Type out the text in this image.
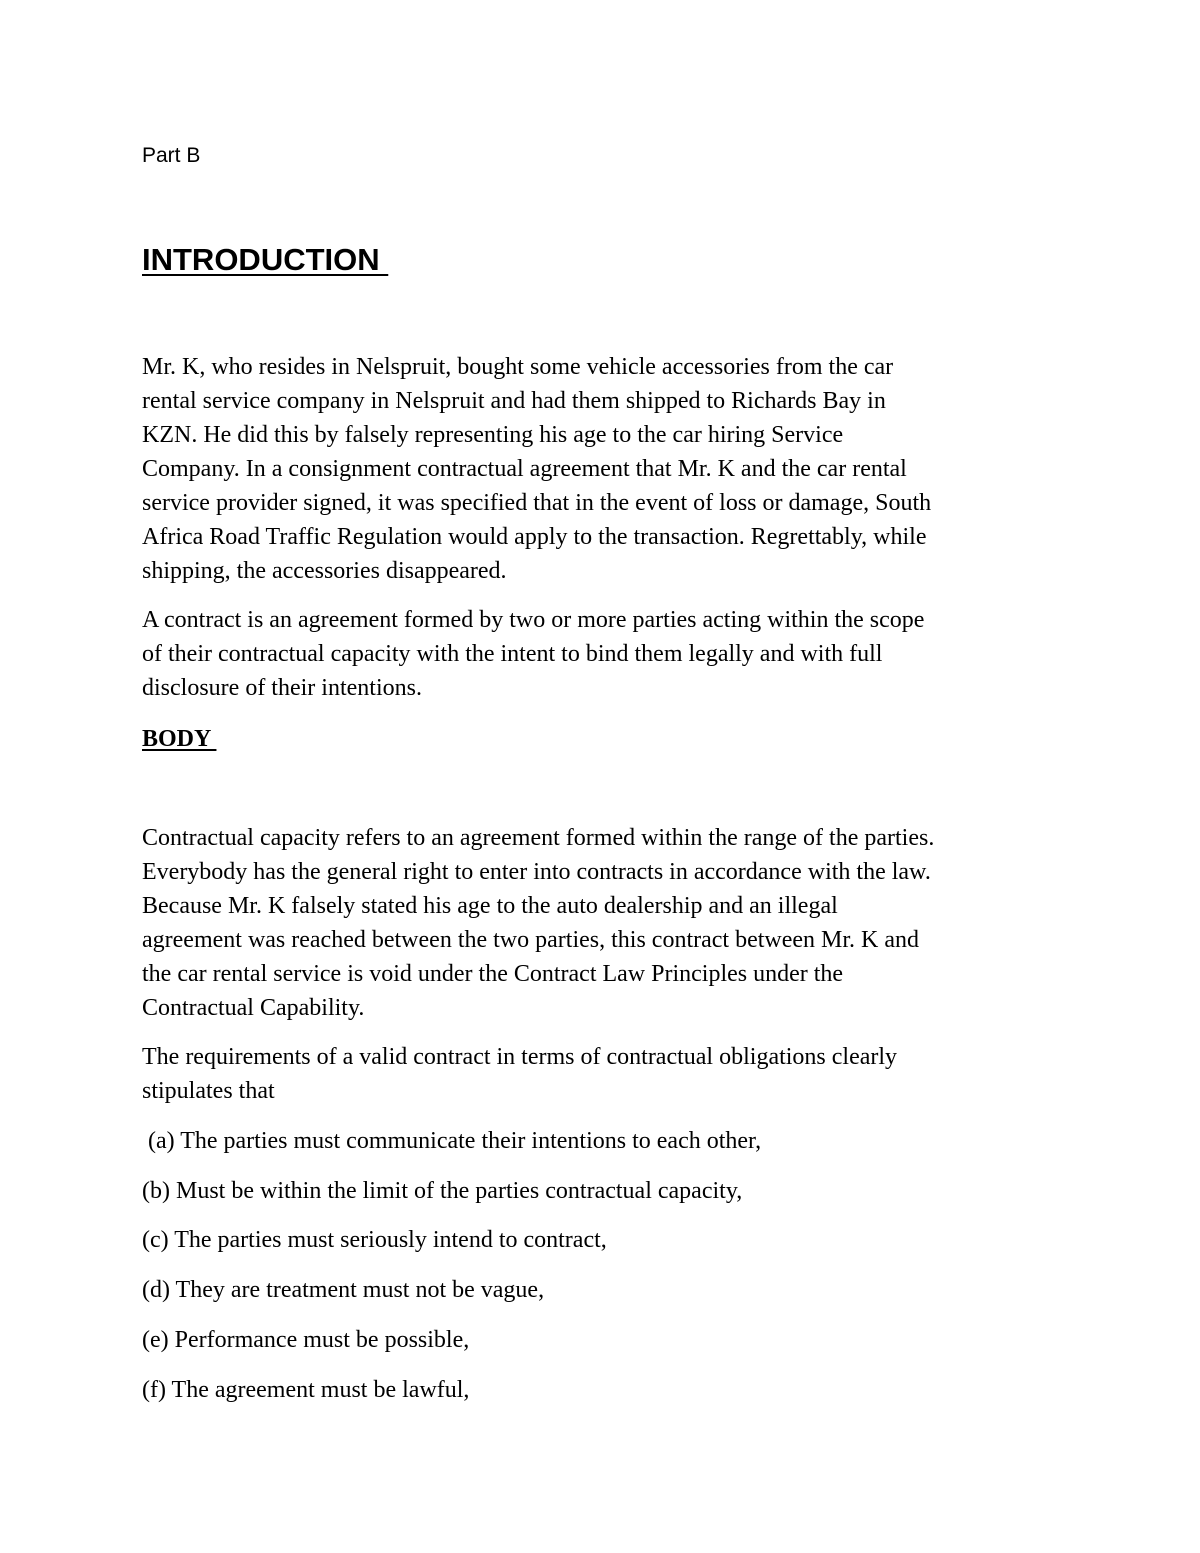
Part B

INTRODUCTION

Mr. K, who resides in Nelspruit, bought some vehicle accessories from the car
rental service company in Nelspruit and had them shipped to Richards Bay in
KZN. He did this by falsely representing his age to the car hiring Service
Company. In a consignment contractual agreement that Mr. K and the car rental
service provider signed, it was specified that in the event of loss or damage, South
Africa Road Traffic Regulation would apply to the transaction. Regrettably, while
shipping, the accessories disappeared.

A contract is an agreement formed by two or more parties acting within the scope
of their contractual capacity with the intent to bind them legally and with full
disclosure of their intentions.

BODY

Contractual capacity refers to an agreement formed within the range of the parties.
Everybody has the general right to enter into contracts in accordance with the law.
Because Mr. K falsely stated his age to the auto dealership and an illegal
agreement was reached between the two parties, this contract between Mr. K and
the car rental service is void under the Contract Law Principles under the
Contractual Capability.

The requirements of a valid contract in terms of contractual obligations clearly
stipulates that

(a) The parties must communicate their intentions to each other,

(b) Must be within the limit of the parties contractual capacity,

(c) The parties must seriously intend to contract,

(d) They are treatment must not be vague,

(e) Performance must be possible,

(f) The agreement must be lawful,
